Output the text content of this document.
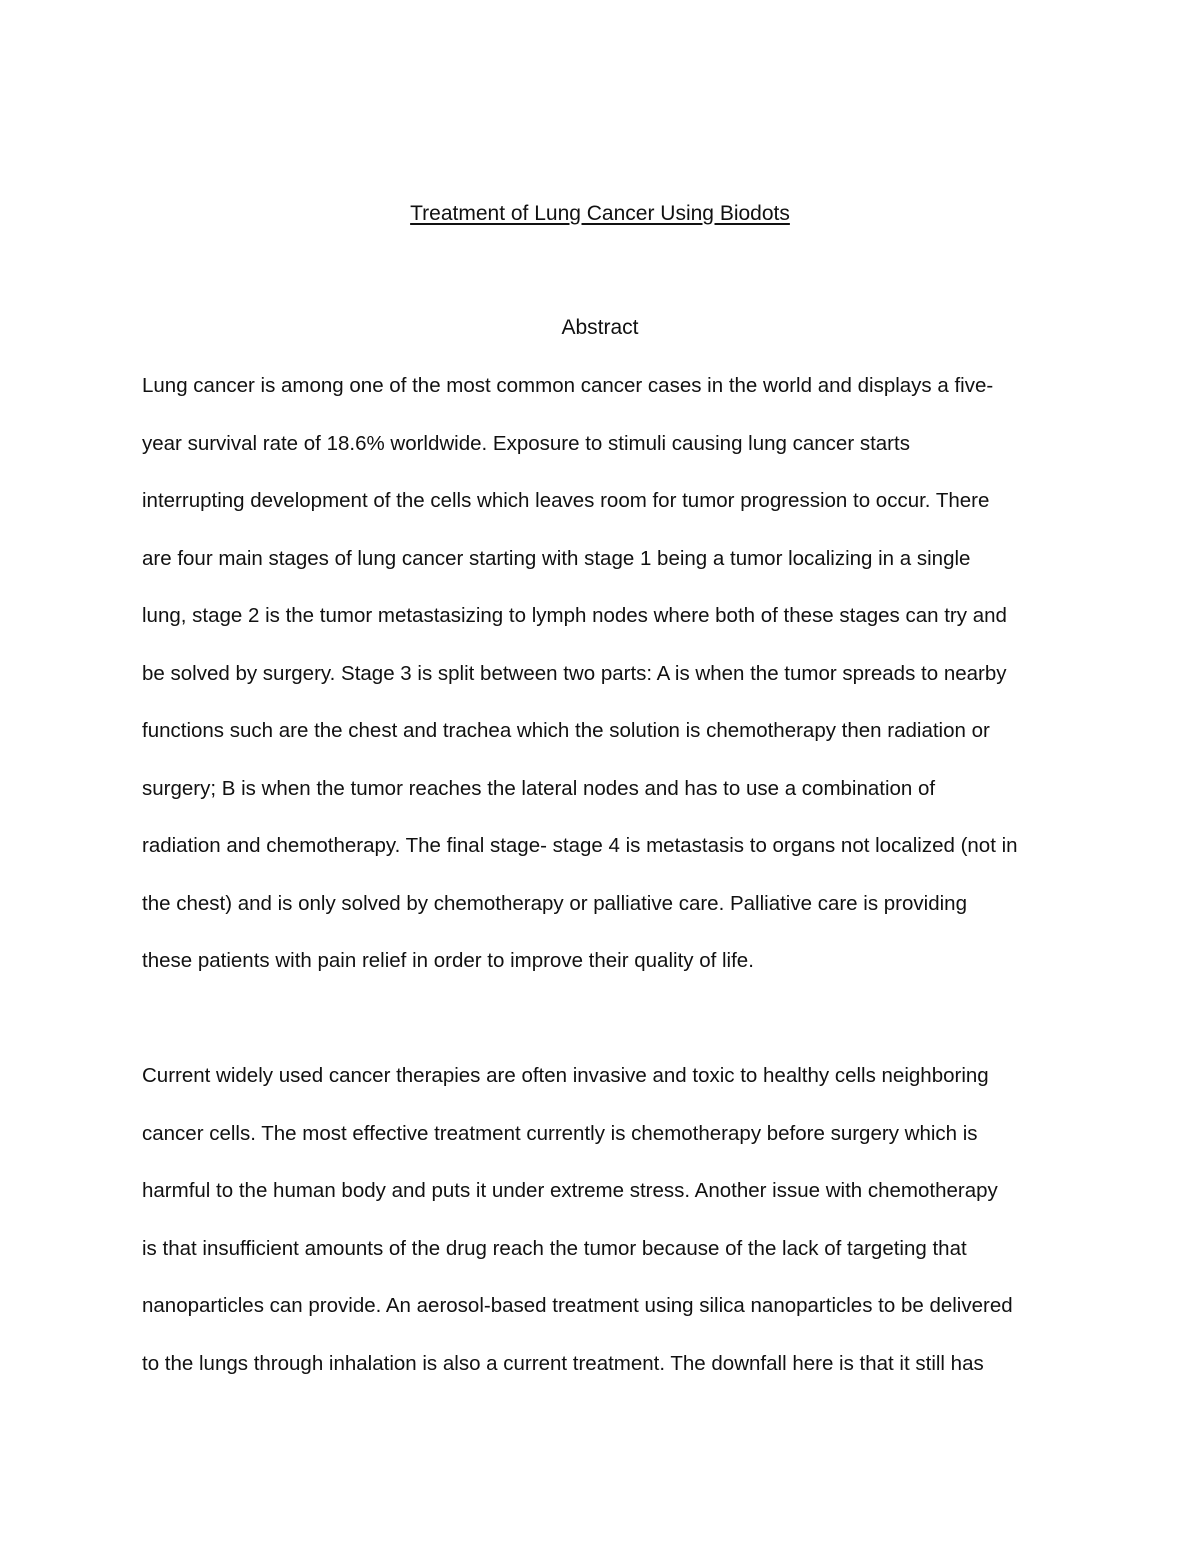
Treatment of Lung Cancer Using Biodots
Abstract

Lung cancer is among one of the most common cancer cases in the world and displays a five-

year survival rate of 18.6% worldwide. Exposure to stimuli causing lung cancer starts

interrupting development of the cells which leaves room for tumor progression to occur. There

are four main stages of lung cancer starting with stage 1 being a tumor localizing in a single

lung, stage 2 is the tumor metastasizing to lymph nodes where both of these stages can try and

be solved by surgery. Stage 3 is split between two parts: A is when the tumor spreads to nearby

functions such are the chest and trachea which the solution is chemotherapy then radiation or

surgery; B is when the tumor reaches the lateral nodes and has to use a combination of

radiation and chemotherapy. The final stage- stage 4 is metastasis to organs not localized (not in

the chest) and is only solved by chemotherapy or palliative care. Palliative care is providing

these patients with pain relief in order to improve their quality of life.

Current widely used cancer therapies are often invasive and toxic to healthy cells neighboring

cancer cells. The most effective treatment currently is chemotherapy before surgery which is

harmful to the human body and puts it under extreme stress. Another issue with chemotherapy

is that insufficient amounts of the drug reach the tumor because of the lack of targeting that

nanoparticles can provide. An aerosol-based treatment using silica nanoparticles to be delivered

to the lungs through inhalation is also a current treatment. The downfall here is that it still has
